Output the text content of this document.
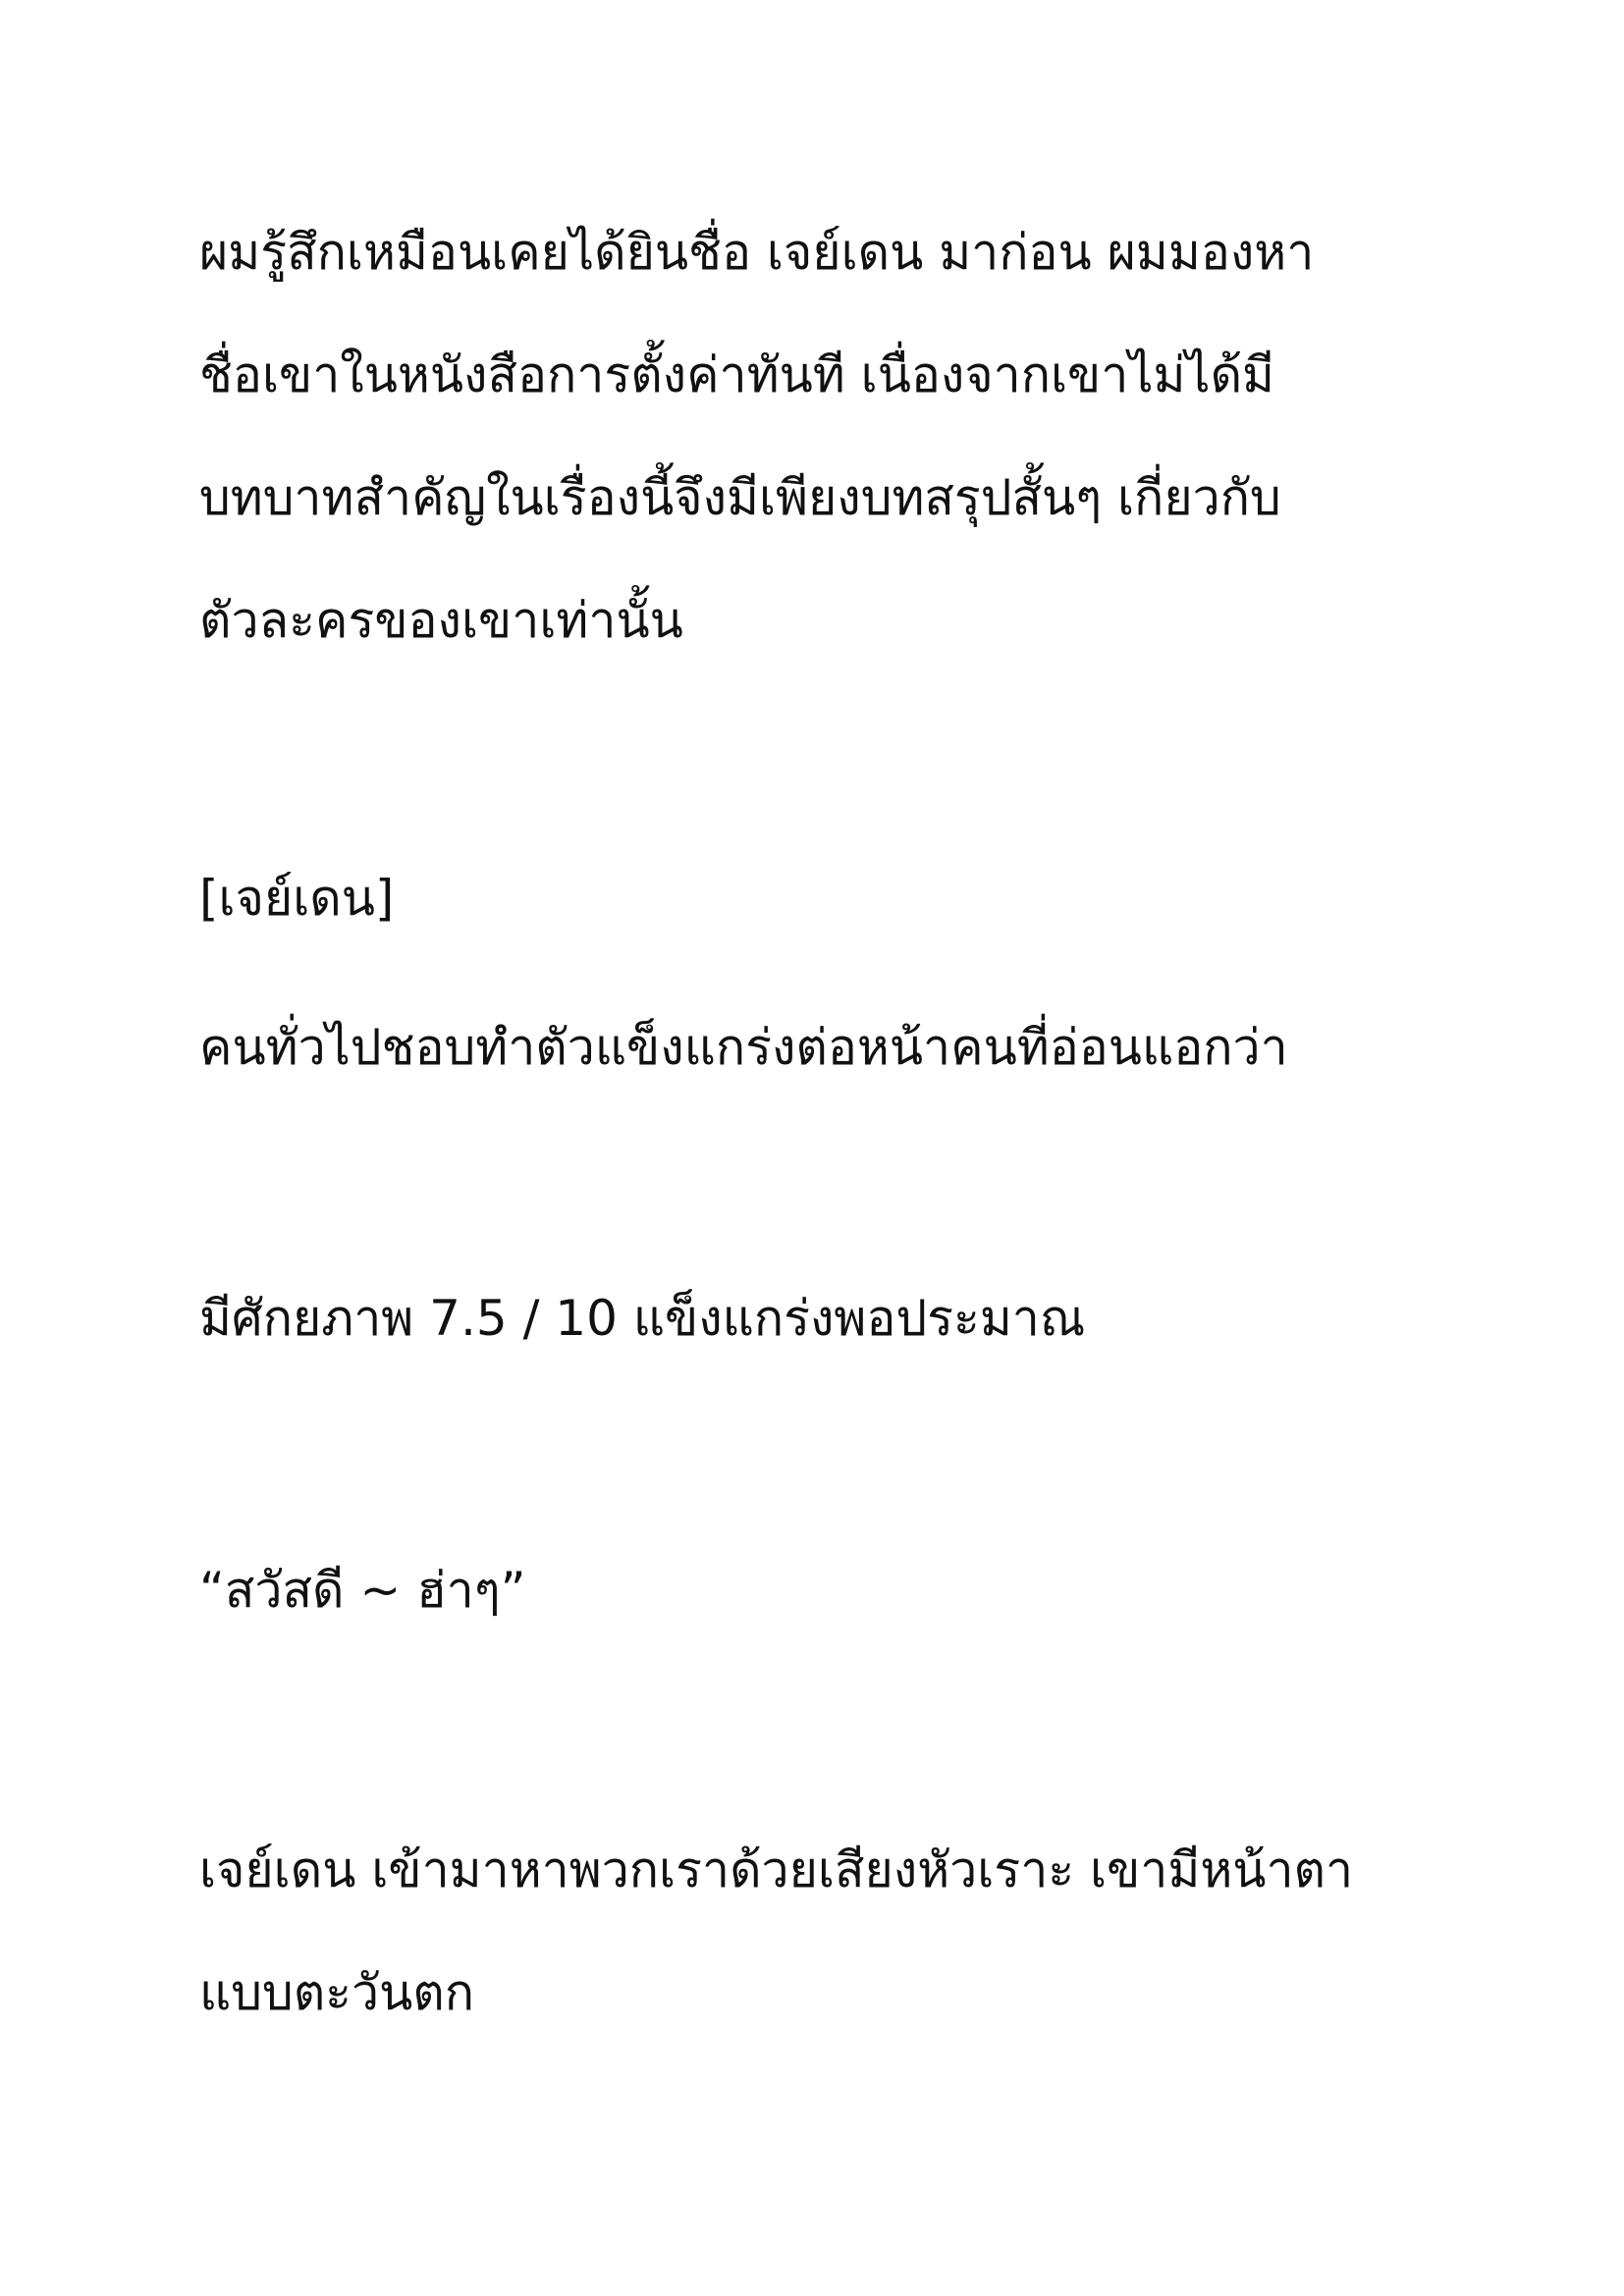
ผมรู้สึกเหมือนเคยได้ยินชื่อ เจย์เดน มาก่อน ผมมองหา

ชื่อเขาในหนังสือการตั้งค่าทันที เนื่องจากเขาไม่ได้มี

บทบาทสำคัญในเรื่องนี้จึงมีเพียงบทสรุปสั้นๆ เกี่ยวกับ

ตัวละครของเขาเท่านั้น

[เจย์เดน]

คนทั่วไปชอบทำตัวแข็งแกร่งต่อหน้าคนที่อ่อนแอกว่า

มีศักยภาพ 7.5 / 10 แข็งแกร่งพอประมาณ

“สวัสดี ~ ฮ่าๆ”

เจย์เดน เข้ามาหาพวกเราด้วยเสียงหัวเราะ เขามีหน้าตา

แบบตะวันตก
